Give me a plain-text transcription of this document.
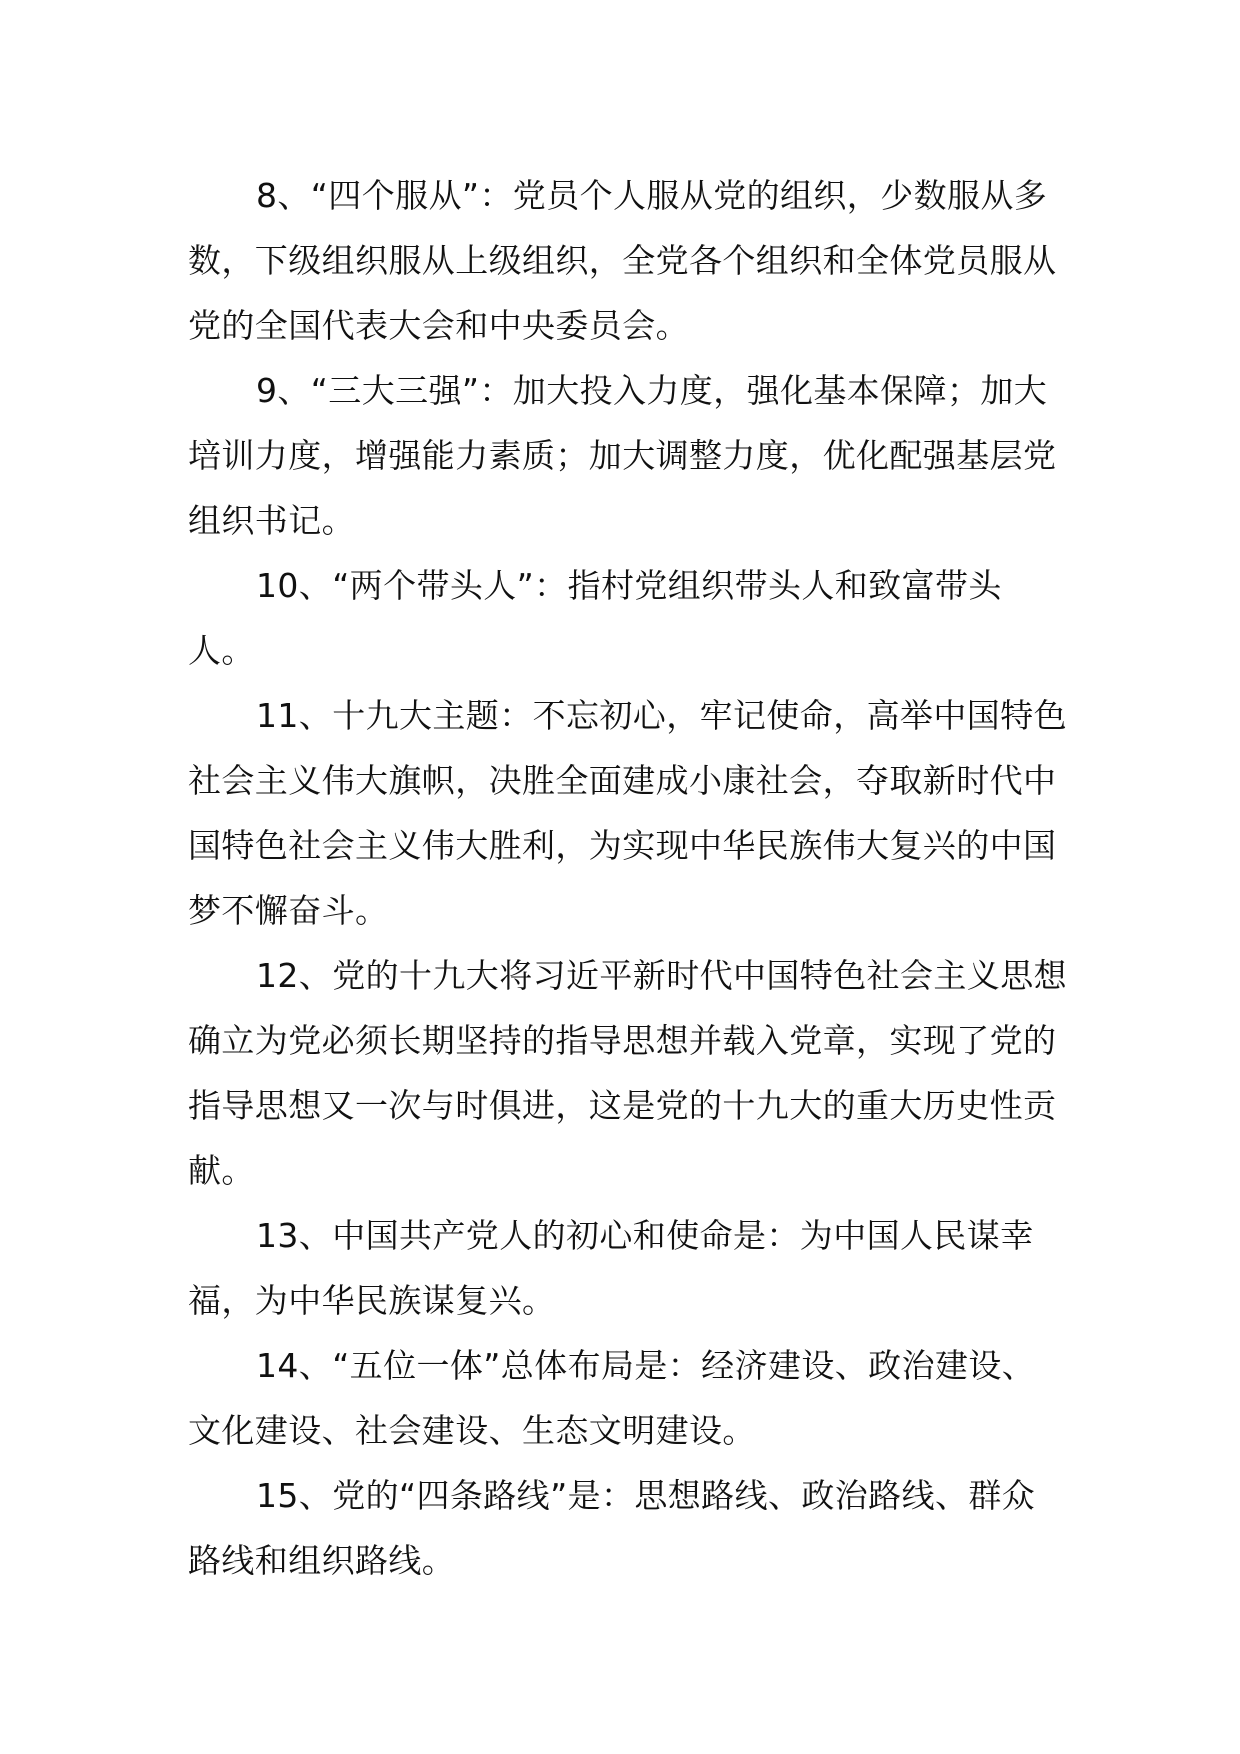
8、“四个服从”：党员个人服从党的组织，少数服从多数，下级组织服从上级组织，全党各个组织和全体党员服从党的全国代表大会和中央委员会。

9、“三大三强”：加大投入力度，强化基本保障；加大培训力度，增强能力素质；加大调整力度，优化配强基层党组织书记。

10、“两个带头人”：指村党组织带头人和致富带头人。

11、十九大主题：不忘初心，牢记使命，高举中国特色社会主义伟大旗帜，决胜全面建成小康社会，夺取新时代中国特色社会主义伟大胜利，为实现中华民族伟大复兴的中国梦不懈奋斗。

12、党的十九大将习近平新时代中国特色社会主义思想确立为党必须长期坚持的指导思想并载入党章，实现了党的指导思想又一次与时俱进，这是党的十九大的重大历史性贡献。

13、中国共产党人的初心和使命是：为中国人民谋幸福，为中华民族谋复兴。

14、“五位一体”总体布局是：经济建设、政治建设、文化建设、社会建设、生态文明建设。

15、党的“四条路线”是：思想路线、政治路线、群众路线和组织路线。
